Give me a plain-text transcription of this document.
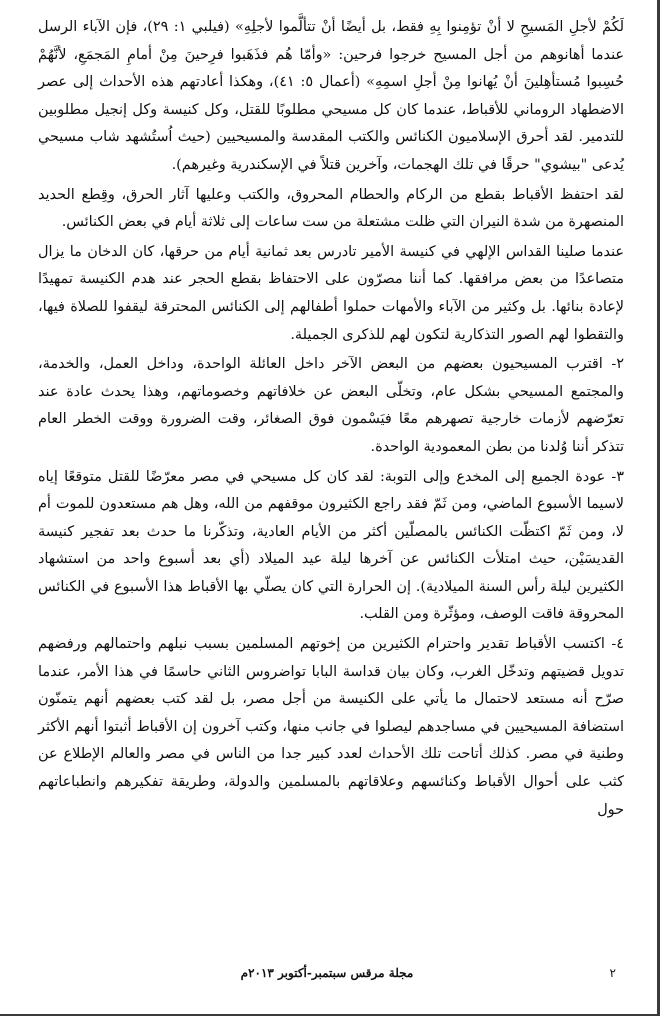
لَكُمْ لأجلِ المَسيحِ لا أنْ تؤمِنوا بِهِ فقط، بل أيضًا أنْ تتألَّموا لأجلِهِ» (فيلبي ١: ٢٩)، فإن الآباء الرسل عندما أهانوهم من أجل المسيح خرجوا فرحين: «وأمّا هُم فذَهَبوا فرِحينَ مِنْ أمامِ المَجمَعِ، لأنَّهُمْ حُسِبوا مُستأهِلينَ أنْ يُهانوا مِنْ أجلِ اسمِهِ» (أعمال ٥: ٤١)، وهكذا أعادتهم هذه الأحداث إلى عصر الاضطهاد الروماني للأقباط، عندما كان كل مسيحي مطلوبًا للقتل، وكل كنيسة وكل إنجيل مطلوبين للتدمير. لقد أحرق الإسلاميون الكنائس والكتب المقدسة والمسيحيين (حيث اُستُشهد شاب مسيحي يُدعى "بيشوي" حرقًا في تلك الهجمات، وآخرين قتلاً في الإسكندرية وغيرهم).

لقد احتفظ الأقباط بقطع من الركام والحطام المحروق، والكتب وعليها آثار الحرق، وقِطع الحديد المنصهرة من شدة النيران التي ظلت مشتعلة من ست ساعات إلى ثلاثة أيام في بعض الكنائس.

عندما صلينا القداس الإلهي في كنيسة الأمير تادرس بعد ثمانية أيام من حرقها، كان الدخان ما يزال متصاعدًا من بعض مرافقها. كما أننا مصرّون على الاحتفاظ بقطع الحجر عند هدم الكنيسة تمهيدًا لإعادة بنائها. بل وكثير من الآباء والأمهات حملوا أطفالهم إلى الكنائس المحترقة ليقفوا للصلاة فيها، والتقطوا لهم الصور التذكارية لتكون لهم للذكرى الجميلة.

٢- اقترب المسيحيون بعضهم من البعض الآخر داخل العائلة الواحدة، وداخل العمل، والخدمة، والمجتمع المسيحي بشكل عام، وتخلّى البعض عن خلافاتهم وخصوماتهم، وهذا يحدث عادة عند تعرّضهم لأزمات خارجية تصهرهم معًا فيَسْمون فوق الصغائر، وقت الضرورة ووقت الخطر العام تتذكر أننا وُلدنا من بطن المعمودية الواحدة.

٣- عودة الجميع إلى المخدع وإلى التوبة: لقد كان كل مسيحي في مصر معرّضًا للقتل متوقعًا إياه لاسيما الأسبوع الماضي، ومن ثَمّ فقد راجع الكثيرون موقفهم من الله، وهل هم مستعدون للموت أم لا، ومن ثَمّ اكتظّت الكنائس بالمصلّين أكثر من الأيام العادية، وتذكّرنا ما حدث بعد تفجير كنيسة القديسَيْن، حيث امتلأت الكنائس عن آخرها ليلة عيد الميلاد (أي بعد أسبوع واحد من استشهاد الكثيرين ليلة رأس السنة الميلادية). إن الحرارة التي كان يصلّي بها الأقباط هذا الأسبوع في الكنائس المحروقة فاقت الوصف، ومؤثّرة ومن القلب.

٤- اكتسب الأقباط تقدير واحترام الكثيرين من إخوتهم المسلمين بسبب نبلهم واحتمالهم ورفضهم تدويل قضيتهم وتدخّل الغرب، وكان بيان قداسة البابا تواضروس الثاني حاسمًا في هذا الأمر، عندما صرّح أنه مستعد لاحتمال ما يأتي على الكنيسة من أجل مصر، بل لقد كتب بعضهم أنهم يتمنّون استضافة المسيحيين في مساجدهم ليصلوا في جانب منها، وكتب آخرون إن الأقباط أثبتوا أنهم الأكثر وطنية في مصر. كذلك أتاحت تلك الأحداث لعدد كبير جدا من الناس في مصر والعالم الإطلاع عن كثب على أحوال الأقباط وكنائسهم وعلاقاتهم بالمسلمين والدولة، وطريقة تفكيرهم وانطباعاتهم حول

٢
مجلة مرقس سبتمبر-أكتوبر ٢٠١٣م
